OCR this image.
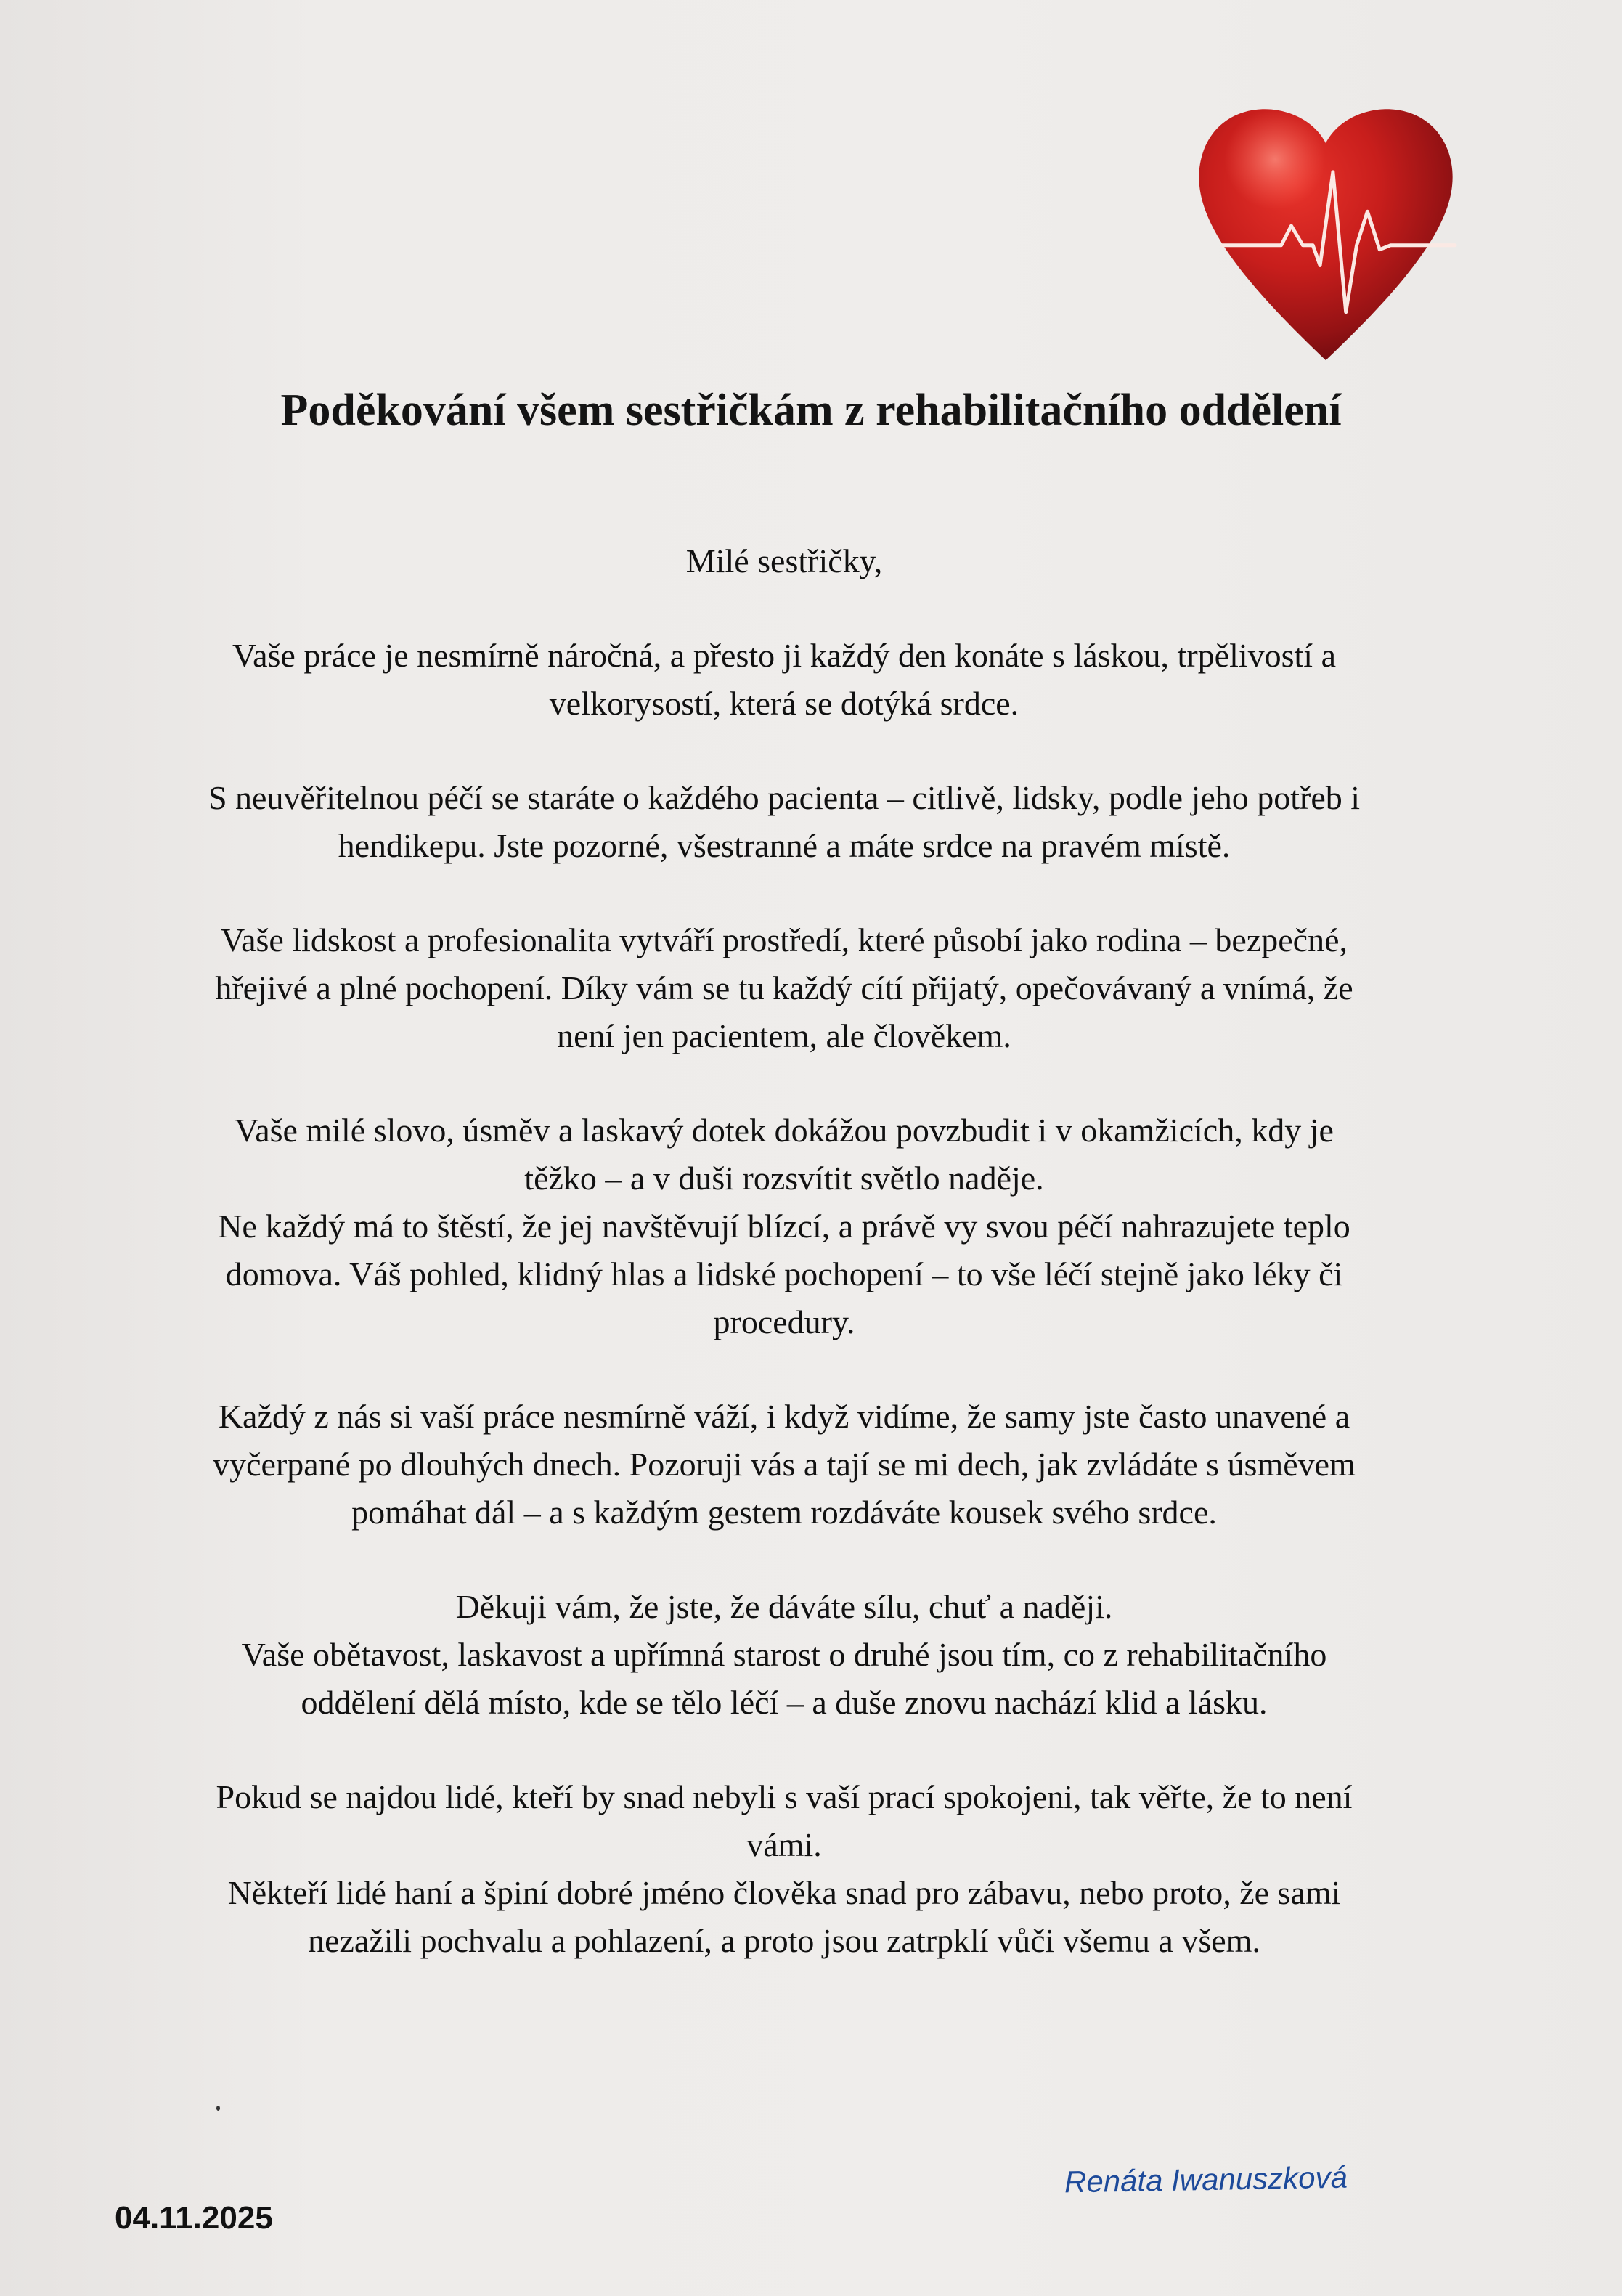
Poděkování všem sestřičkám z rehabilitačního oddělení

Milé sestřičky,

Vaše práce je nesmírně náročná, a přesto ji každý den konáte s láskou, trpělivostí a
velkorysostí, která se dotýká srdce.

S neuvěřitelnou péčí se staráte o každého pacienta – citlivě, lidsky, podle jeho potřeb i
hendikepu. Jste pozorné, všestranné a máte srdce na pravém místě.

Vaše lidskost a profesionalita vytváří prostředí, které působí jako rodina – bezpečné,
hřejivé a plné pochopení. Díky vám se tu každý cítí přijatý, opečovávaný a vnímá, že
není jen pacientem, ale člověkem.

Vaše milé slovo, úsměv a laskavý dotek dokážou povzbudit i v okamžicích, kdy je
těžko – a v duši rozsvítit světlo naděje.
Ne každý má to štěstí, že jej navštěvují blízcí, a právě vy svou péčí nahrazujete teplo
domova. Váš pohled, klidný hlas a lidské pochopení – to vše léčí stejně jako léky či
procedury.

Každý z nás si vaší práce nesmírně váží, i když vidíme, že samy jste často unavené a
vyčerpané po dlouhých dnech. Pozoruji vás a tají se mi dech, jak zvládáte s úsměvem
pomáhat dál – a s každým gestem rozdáváte kousek svého srdce.

Děkuji vám, že jste, že dáváte sílu, chuť a naději.
Vaše obětavost, laskavost a upřímná starost o druhé jsou tím, co z rehabilitačního
oddělení dělá místo, kde se tělo léčí – a duše znovu nachází klid a lásku.

Pokud se najdou lidé, kteří by snad nebyli s vaší prací spokojeni, tak věřte, že to není
vámi.
Někteří lidé haní a špiní dobré jméno člověka snad pro zábavu, nebo proto, že sami
nezažili pochvalu a pohlazení, a proto jsou zatrpklí vůči všemu a všem.

04.11.2025
Renáta Iwanuszková
